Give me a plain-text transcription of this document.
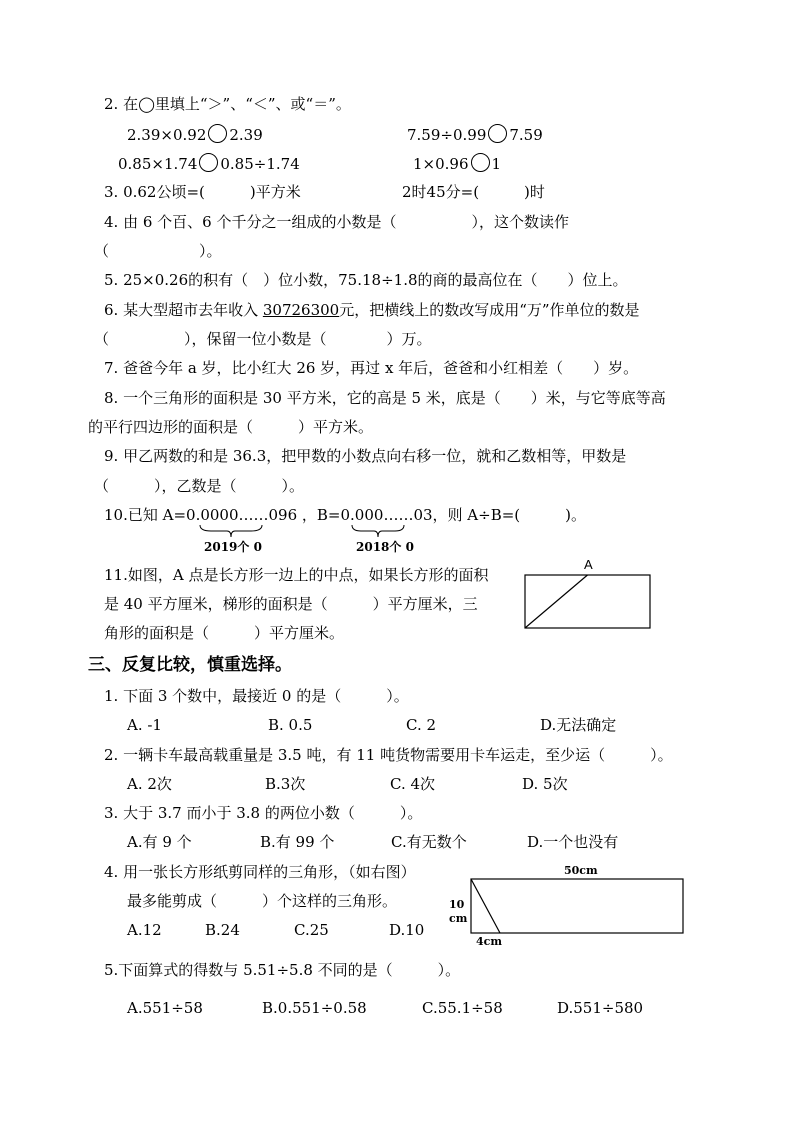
2. 在◯里填上“＞”、“＜”、或“＝”。
2.39×0.92 2.39	7.59÷0.99 7.59
0.85×1.74 0.85÷1.74	1×0.96 1
3. 0.62公顷=(　　　)平方米	2时45分=(　　　)时
4. 由 6 个百、6 个千分之一组成的小数是（　　　　　），这个数读作
（　　　　　　）。
5. 25×0.26的积有（　）位小数，75.18÷1.8的商的最高位在（　　）位上。
6. 某大型超市去年收入 30726300元，把横线上的数改写成用“万”作单位的数是
（　　　　　），保留一位小数是（　　　　）万。
7. 爸爸今年 a 岁，比小红大 26 岁，再过 x 年后，爸爸和小红相差（　　）岁。
8. 一个三角形的面积是 30 平方米，它的高是 5 米，底是（　　）米，与它等底等高
的平行四边形的面积是（　　　）平方米。
9. 甲乙两数的和是 36.3，把甲数的小数点向右移一位，就和乙数相等，甲数是
（　　　），乙数是（　　　）。
10.已知 A=0.0000……096 ，B=0.000……03，则 A÷B=(　　　)。
2019个 0	2018个 0
11.如图，A 点是长方形一边上的中点，如果长方形的面积
是 40 平方厘米，梯形的面积是（　　　）平方厘米，三
角形的面积是（　　　）平方厘米。
A
三、反复比较，慎重选择。
1. 下面 3 个数中，最接近 0 的是（　　　）。
A. -1	B. 0.5	C. 2	D.无法确定
2. 一辆卡车最高载重量是 3.5 吨，有 11 吨货物需要用卡车运走，至少运（　　　）。
A. 2次	B.3次	C. 4次	D. 5次
3. 大于 3.7 而小于 3.8 的两位小数（　　　）。
A.有 9 个	B.有 99 个	C.有无数个	D.一个也没有
4. 用一张长方形纸剪同样的三角形，（如右图）
最多能剪成（　　　）个这样的三角形。
A.12	B.24	C.25	D.10
50cm
10
cm
4cm
5.下面算式的得数与 5.51÷5.8 不同的是（　　　）。
A.551÷58	B.0.551÷0.58	C.55.1÷58	D.551÷580
